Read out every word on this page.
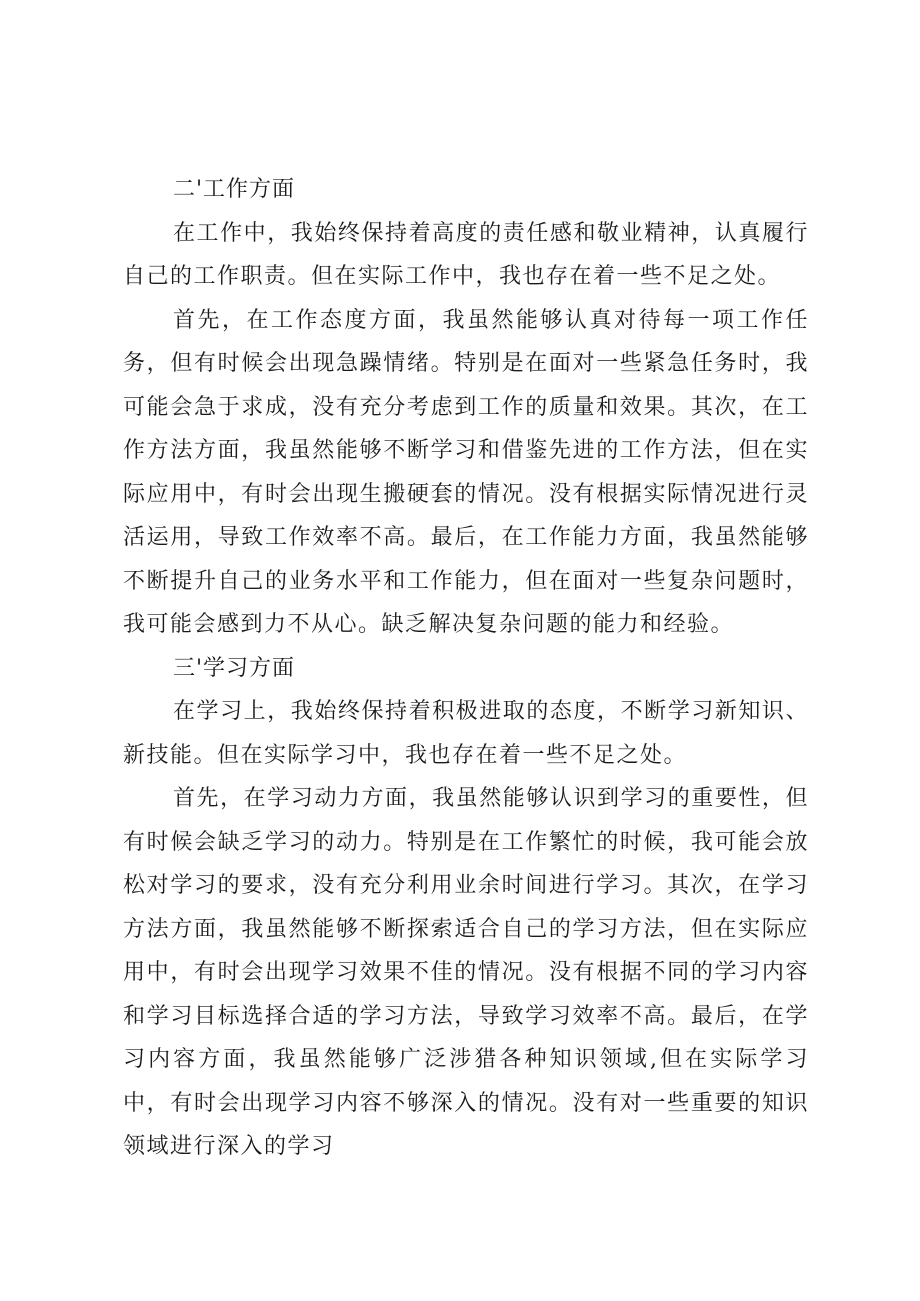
二'工作方面

在工作中，我始终保持着高度的责任感和敬业精神，认真履行自己的工作职责。但在实际工作中，我也存在着一些不足之处。

首先，在工作态度方面，我虽然能够认真对待每一项工作任务，但有时候会出现急躁情绪。特别是在面对一些紧急任务时，我可能会急于求成，没有充分考虑到工作的质量和效果。其次，在工作方法方面，我虽然能够不断学习和借鉴先进的工作方法，但在实际应用中，有时会出现生搬硬套的情况。没有根据实际情况进行灵活运用，导致工作效率不高。最后，在工作能力方面，我虽然能够不断提升自己的业务水平和工作能力，但在面对一些复杂问题时，我可能会感到力不从心。缺乏解决复杂问题的能力和经验。

三'学习方面

在学习上，我始终保持着积极进取的态度，不断学习新知识、新技能。但在实际学习中，我也存在着一些不足之处。

首先，在学习动力方面，我虽然能够认识到学习的重要性，但有时候会缺乏学习的动力。特别是在工作繁忙的时候，我可能会放松对学习的要求，没有充分利用业余时间进行学习。其次，在学习方法方面，我虽然能够不断探索适合自己的学习方法，但在实际应用中，有时会出现学习效果不佳的情况。没有根据不同的学习内容和学习目标选择合适的学习方法，导致学习效率不高。最后，在学习内容方面，我虽然能够广泛涉猎各种知识领域,但在实际学习中，有时会出现学习内容不够深入的情况。没有对一些重要的知识领域进行深入的学习
